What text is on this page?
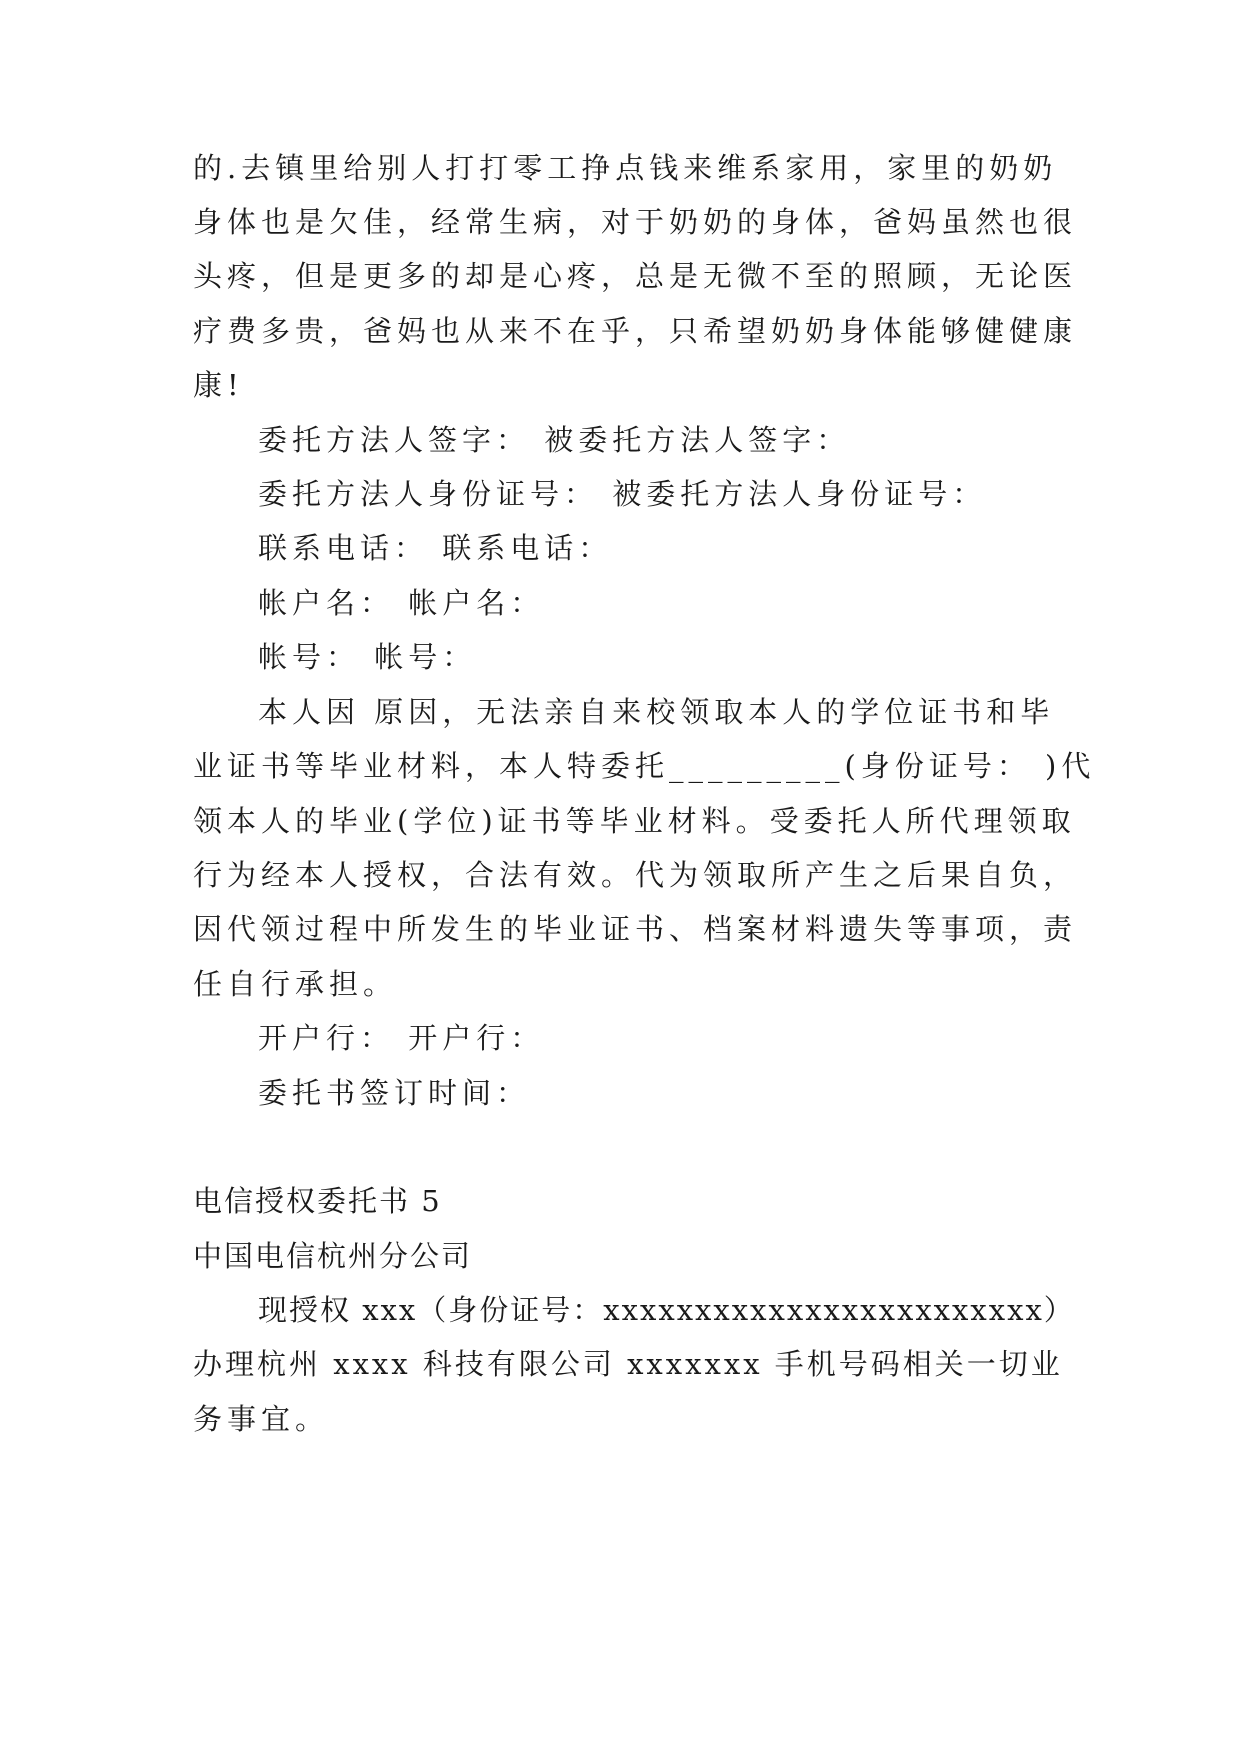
的.去镇里给别人打打零工挣点钱来维系家用，家里的奶奶
身体也是欠佳，经常生病，对于奶奶的身体，爸妈虽然也很
头疼，但是更多的却是心疼，总是无微不至的照顾，无论医
疗费多贵，爸妈也从来不在乎，只希望奶奶身体能够健健康
康!
委托方法人签字： 被委托方法人签字：
委托方法人身份证号： 被委托方法人身份证号：
联系电话： 联系电话：
帐户名： 帐户名：
帐号： 帐号：
本人因 原因，无法亲自来校领取本人的学位证书和毕
业证书等毕业材料，本人特委托_________(身份证号： )代
领本人的毕业(学位)证书等毕业材料。受委托人所代理领取
行为经本人授权，合法有效。代为领取所产生之后果自负，
因代领过程中所发生的毕业证书、档案材料遗失等事项，责
任自行承担。
开户行： 开户行：
委托书签订时间：
电信授权委托书 5
中国电信杭州分公司
现授权 xxx（身份证号：xxxxxxxxxxxxxxxxxxxxxxxx）
办理杭州 xxxx 科技有限公司 xxxxxxx 手机号码相关一切业
务事宜。
